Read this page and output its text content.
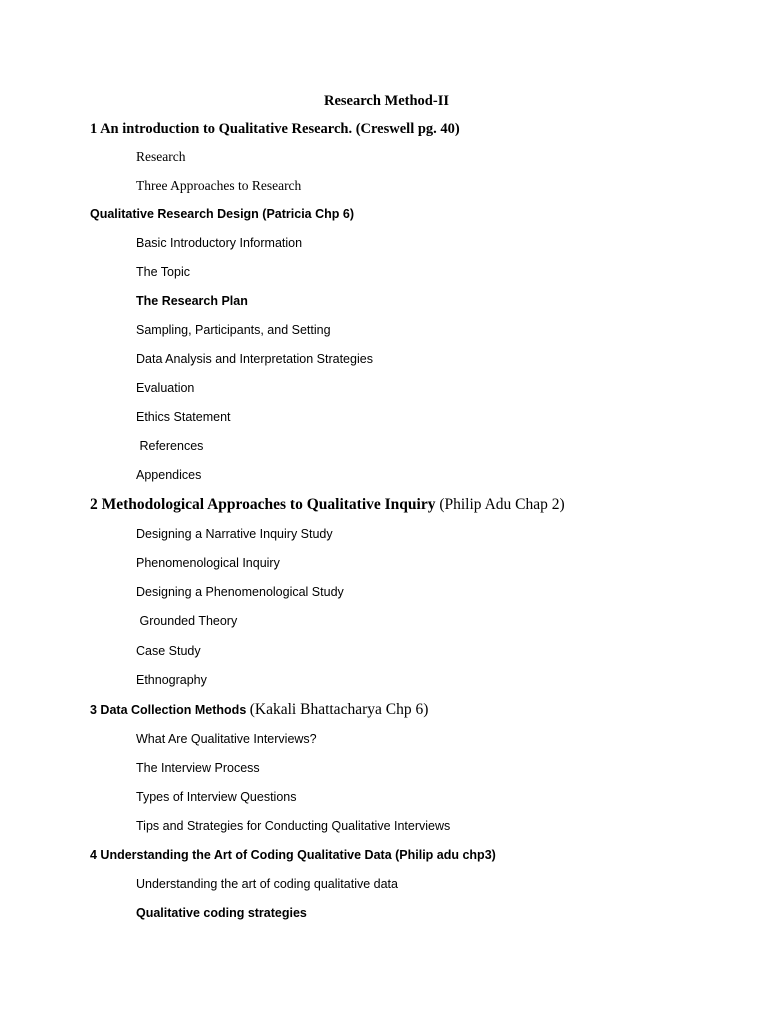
Research Method-II
1 An introduction to Qualitative Research. (Creswell pg. 40)
Research
Three Approaches to Research
Qualitative Research Design (Patricia Chp 6)
Basic Introductory Information
The Topic
The Research Plan
Sampling, Participants, and Setting
Data Analysis and Interpretation Strategies
Evaluation
Ethics Statement
References
Appendices
2 Methodological Approaches to Qualitative Inquiry (Philip Adu Chap 2)
Designing a Narrative Inquiry Study
Phenomenological Inquiry
Designing a Phenomenological Study
Grounded Theory
Case Study
Ethnography
3 Data Collection Methods (Kakali Bhattacharya Chp 6)
What Are Qualitative Interviews?
The Interview Process
Types of Interview Questions
Tips and Strategies for Conducting Qualitative Interviews
4 Understanding the Art of Coding Qualitative Data (Philip adu chp3)
Understanding the art of coding qualitative data
Qualitative coding strategies
